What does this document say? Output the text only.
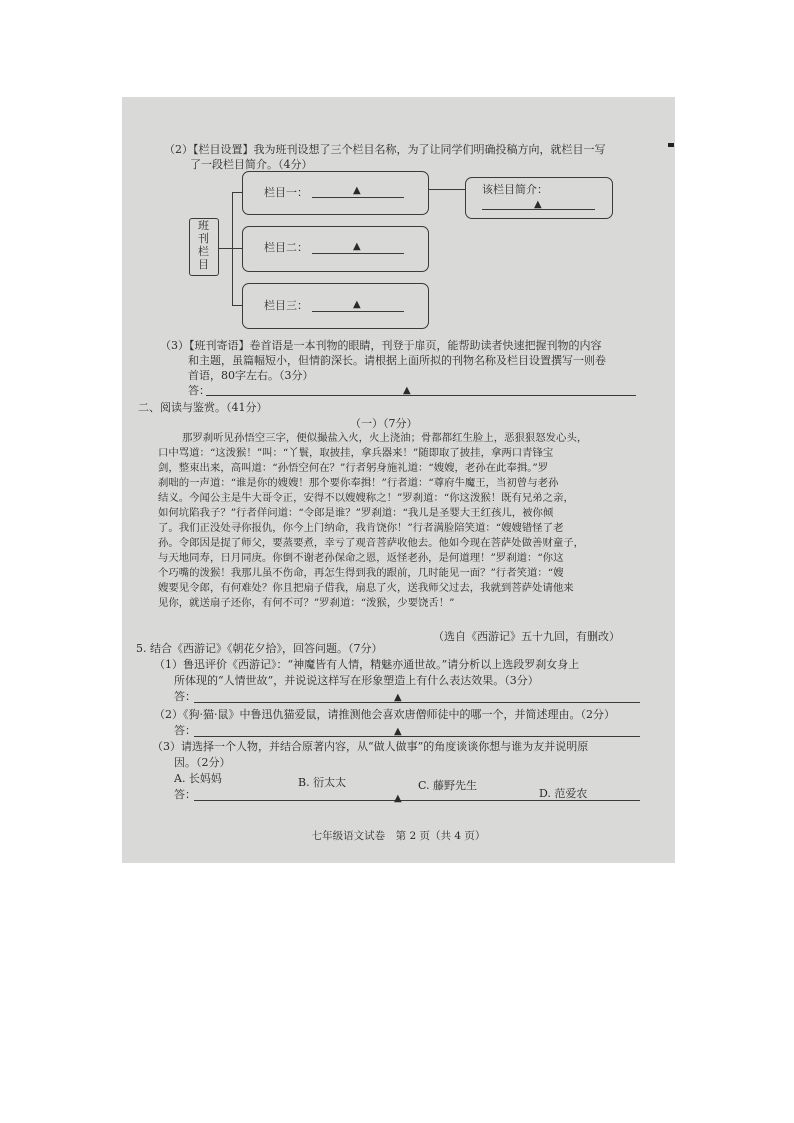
（2）【栏目设置】我为班刊设想了三个栏目名称，为了让同学们明确投稿方向，就栏目一写
了一段栏目简介。（4分）
班
刊
栏
目
栏目一：	▲
栏目二：	▲
栏目三：	▲
该栏目简介：
▲
（3）【班刊寄语】卷首语是一本刊物的眼睛，刊登于扉页，能帮助读者快速把握刊物的内容
和主题，虽篇幅短小，但情韵深长。请根据上面所拟的刊物名称及栏目设置撰写一则卷
首语，80字左右。（3分）
答：	▲
二、阅读与鉴赏。（41分）
（一）（7分）
那罗刹听见孙悟空三字，便似撮盐入火，火上浇油；骨都都红生脸上，恶狠狠怒发心头，
口中骂道：“这泼猴！”叫：“丫鬟，取披挂，拿兵器来！”随即取了披挂，拿两口青锋宝
剑，整束出来，高叫道：“孙悟空何在？”行者躬身施礼道：“嫂嫂，老孙在此奉揖。”罗
刹咄的一声道：“谁是你的嫂嫂！那个要你奉揖！”行者道：“尊府牛魔王，当初曾与老孙
结义。今闻公主是牛大哥令正，安得不以嫂嫂称之！”罗刹道：“你这泼猴！既有兄弟之亲，
如何坑陷我子？”行者佯问道：“令郎是谁？”罗刹道：“我儿是圣婴大王红孩儿，被你倾
了。我们正没处寻你报仇，你今上门纳命，我肯饶你！”行者满脸陪笑道：“嫂嫂错怪了老
孙。令郎因是捉了师父，要蒸要煮，幸亏了观音菩萨收他去。他如今现在菩萨处做善财童子，
与天地同寿，日月同庚。你倒不谢老孙保命之恩，返怪老孙，是何道理！”罗刹道：“你这
个巧嘴的泼猴！我那儿虽不伤命，再怎生得到我的跟前，几时能见一面？”行者笑道：“嫂
嫂要见令郎，有何难处？你且把扇子借我，扇息了火，送我师父过去，我就到菩萨处请他来
见你，就送扇子还你，有何不可？”罗刹道：“泼猴，少要饶舌！”
（选自《西游记》五十九回，有删改）
5. 结合《西游记》《朝花夕拾》，回答问题。（7分）
（1）鲁迅评价《西游记》：“神魔皆有人情，精魅亦通世故。”请分析以上选段罗刹女身上
所体现的“人情世故”，并说说这样写在形象塑造上有什么表达效果。（3分）
答：	▲
（2）《狗·猫·鼠》中鲁迅仇猫爱鼠，请推测他会喜欢唐僧师徒中的哪一个，并简述理由。（2分）
答：	▲
（3）请选择一个人物，并结合原著内容，从“做人做事”的角度谈谈你想与谁为友并说明原
因。（2分）
A. 长妈妈	B. 衍太太	C. 藤野先生
D. 范爱农
答：	▲
七年级语文试卷　第 2 页（共 4 页）
